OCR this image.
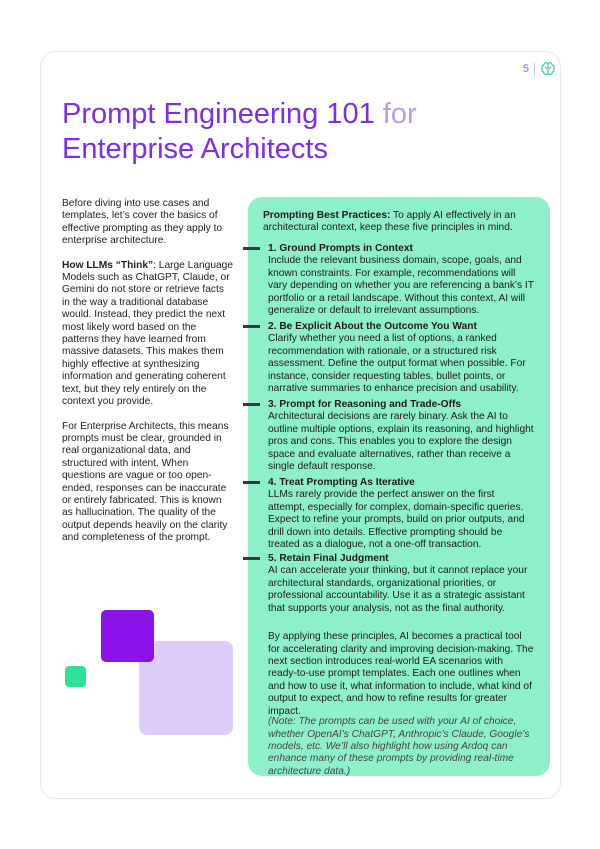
5
Prompt Engineering 101 for
Enterprise Architects

Before diving into use cases and templates, let’s cover the basics of effective prompting as they apply to enterprise architecture.

How LLMs “Think”: Large Language Models such as ChatGPT, Claude, or Gemini do not store or retrieve facts in the way a traditional database would. Instead, they predict the next most likely word based on the patterns they have learned from massive datasets. This makes them highly effective at synthesizing information and generating coherent text, but they rely entirely on the context you provide.

For Enterprise Architects, this means prompts must be clear, grounded in real organizational data, and structured with intent. When questions are vague or too open-ended, responses can be inaccurate or entirely fabricated. This is known as hallucination. The quality of the output depends heavily on the clarity and completeness of the prompt.

Prompting Best Practices: To apply AI effectively in an architectural context, keep these five principles in mind.
1. Ground Prompts in Context

Include the relevant business domain, scope, goals, and known constraints. For example, recommendations will vary depending on whether you are referencing a bank’s IT portfolio or a retail landscape. Without this context, AI will generalize or default to irrelevant assumptions.

2. Be Explicit About the Outcome You Want

Clarify whether you need a list of options, a ranked recommendation with rationale, or a structured risk assessment. Define the output format when possible. For instance, consider requesting tables, bullet points, or narrative summaries to enhance precision and usability.

3. Prompt for Reasoning and Trade-Offs

Architectural decisions are rarely binary. Ask the AI to outline multiple options, explain its reasoning, and highlight pros and cons. This enables you to explore the design space and evaluate alternatives, rather than receive a single default response.

4. Treat Prompting As Iterative

LLMs rarely provide the perfect answer on the first attempt, especially for complex, domain-specific queries. Expect to refine your prompts, build on prior outputs, and drill down into details. Effective prompting should be treated as a dialogue, not a one-off transaction.

5. Retain Final Judgment

AI can accelerate your thinking, but it cannot replace your architectural standards, organizational priorities, or professional accountability. Use it as a strategic assistant that supports your analysis, not as the final authority.

By applying these principles, AI becomes a practical tool for accelerating clarity and improving decision-making. The next section introduces real-world EA scenarios with ready-to-use prompt templates. Each one outlines when and how to use it, what information to include, what kind of output to expect, and how to refine results for greater impact.

(Note: The prompts can be used with your AI of choice, whether OpenAI’s ChatGPT, Anthropic’s Claude, Google’s models, etc. We’ll also highlight how using Ardoq can enhance many of these prompts by providing real-time architecture data.)
